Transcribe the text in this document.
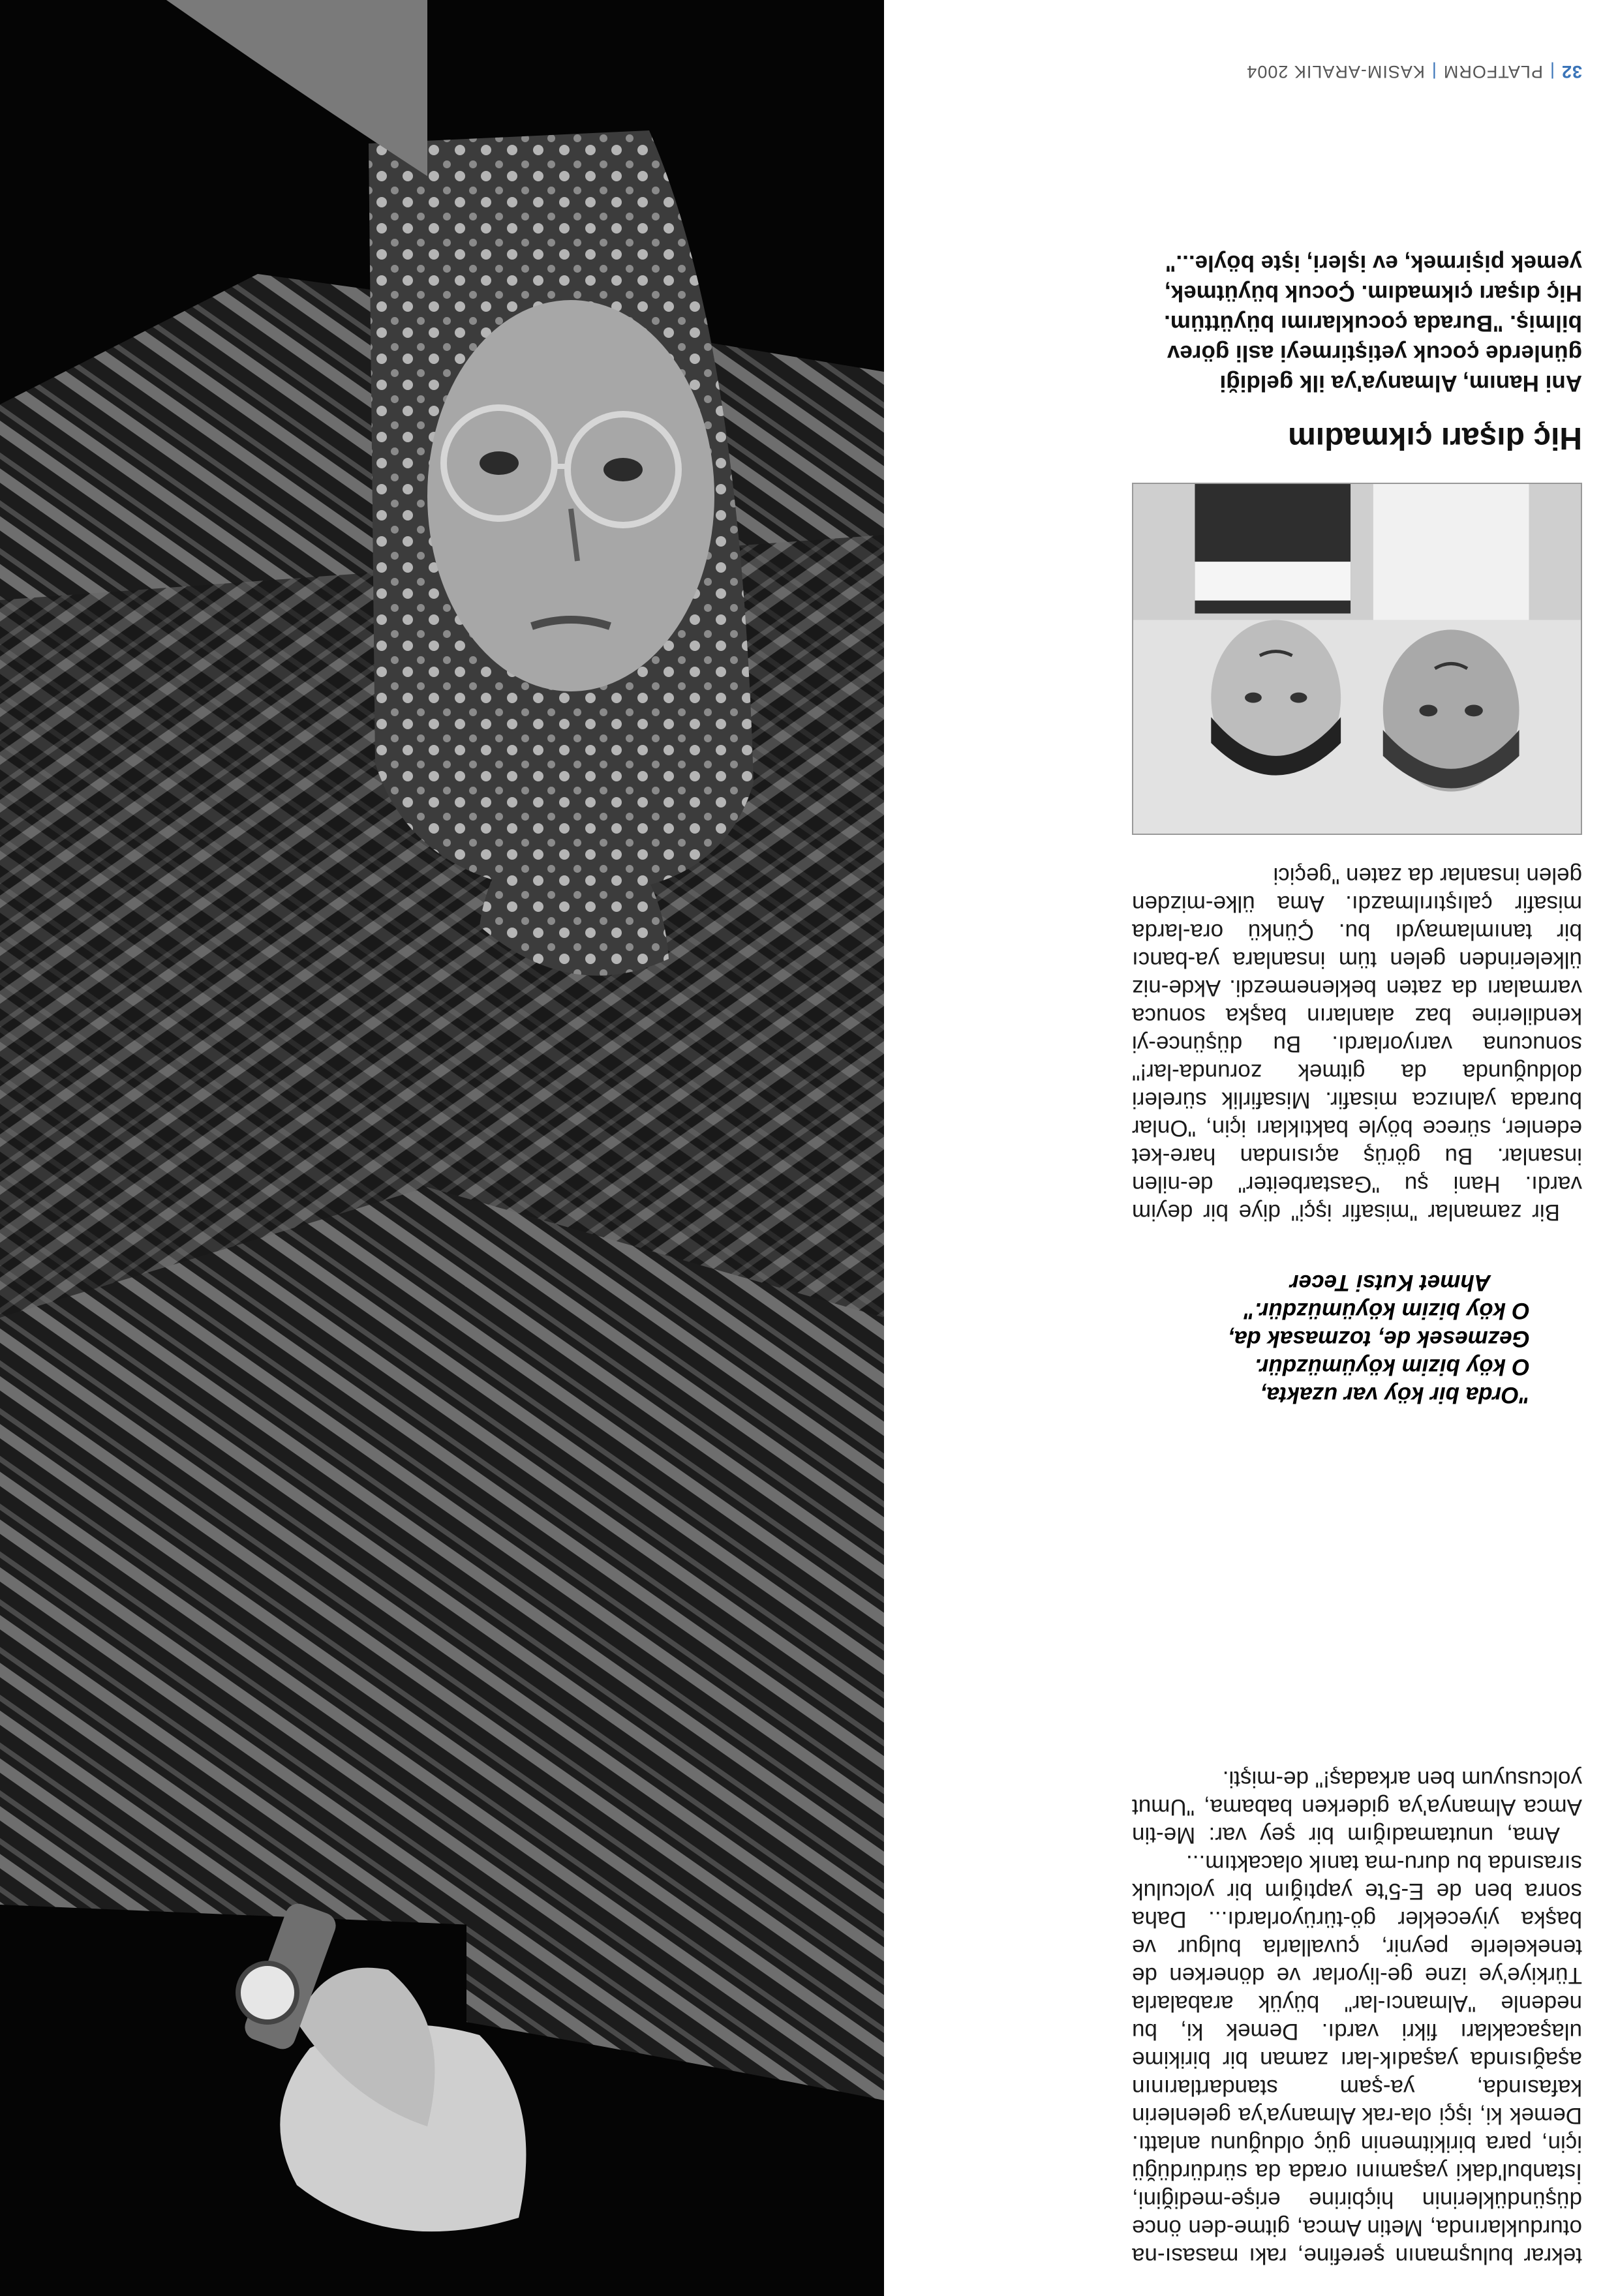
tekrar buluşmanın şerefine, rakı masası-na oturduklarında, Metin Amca, gitme-den önce düşündüklerinin hiçbirine erişe-mediğini, İstanbul'daki yaşamını orada da sürdürdüğü için, para birikitmenin güç olduğunu anlattı. Demek ki, işçi ola-rak Almanya'ya gelenlerin kafasında, ya-şam standartlarının aşağısında yaşadık-ları zaman bir birikime ulaşacakları fikri vardı. Demek ki, bu nedenle "Almancı-lar" büyük arabalarla Türkiye'ye izne ge-liyorlar ve dönerken de tenekelerle peynir, çuvallarla bulgur ve başka yiyecekler gö-türüyorlardı... Daha sonra ben de E-5'te yaptığım bir yolculuk sırasında bu duru-ma tanık olacaktım...

Ama, unutamadığım bir şey var: Me-tin Amca Almanya'ya giderken babama, "Umut yolcusuyum ben arkadaş!" de-mişti.

"Orda bir köy var uzakta,
O köy bizim köyümüzdür.
Gezmesek de, tozmasak da,
O köy bizim köyümüzdür."
Ahmet Kutsi Tecer

Bir zamanlar "misafir işçi" diye bir deyim vardı. Hani şu "Gastarbeiter" de-nilen insanlar. Bu görüş açısından hare-ket edenler, sürece böyle baktıkları için, "Onlar burada yalnızca misafir. Misafirlik süreleri dolduğunda da gitmek zorunda-lar!" sonucuna varıyorlardı. Bu düşünce-yi kendilerine baz alanların başka sonuca varmaları da zaten beklenemezdi. Akde-niz ülkelerinden gelen tüm insanlara ya-bancı bir tanımlamaydı bu. Çünkü ora-larda misafir çalıştırılmazdı. Ama ülke-mizden gelen insanlar da zaten "geçici

Hiç dışarı çıkmadım
Ani Hanım, Almanya'ya ilk geldiği günlerde çocuk yetiştirmeyi asli görev bilmiş. "Burada çocuklarımı büyüttüm. Hiç dışarı çıkmadım. Çocuk büyütmek, yemek pişirmek, ev işleri, işte böyle..."
32|PLATFORM|KASIM-ARALIK 2004
